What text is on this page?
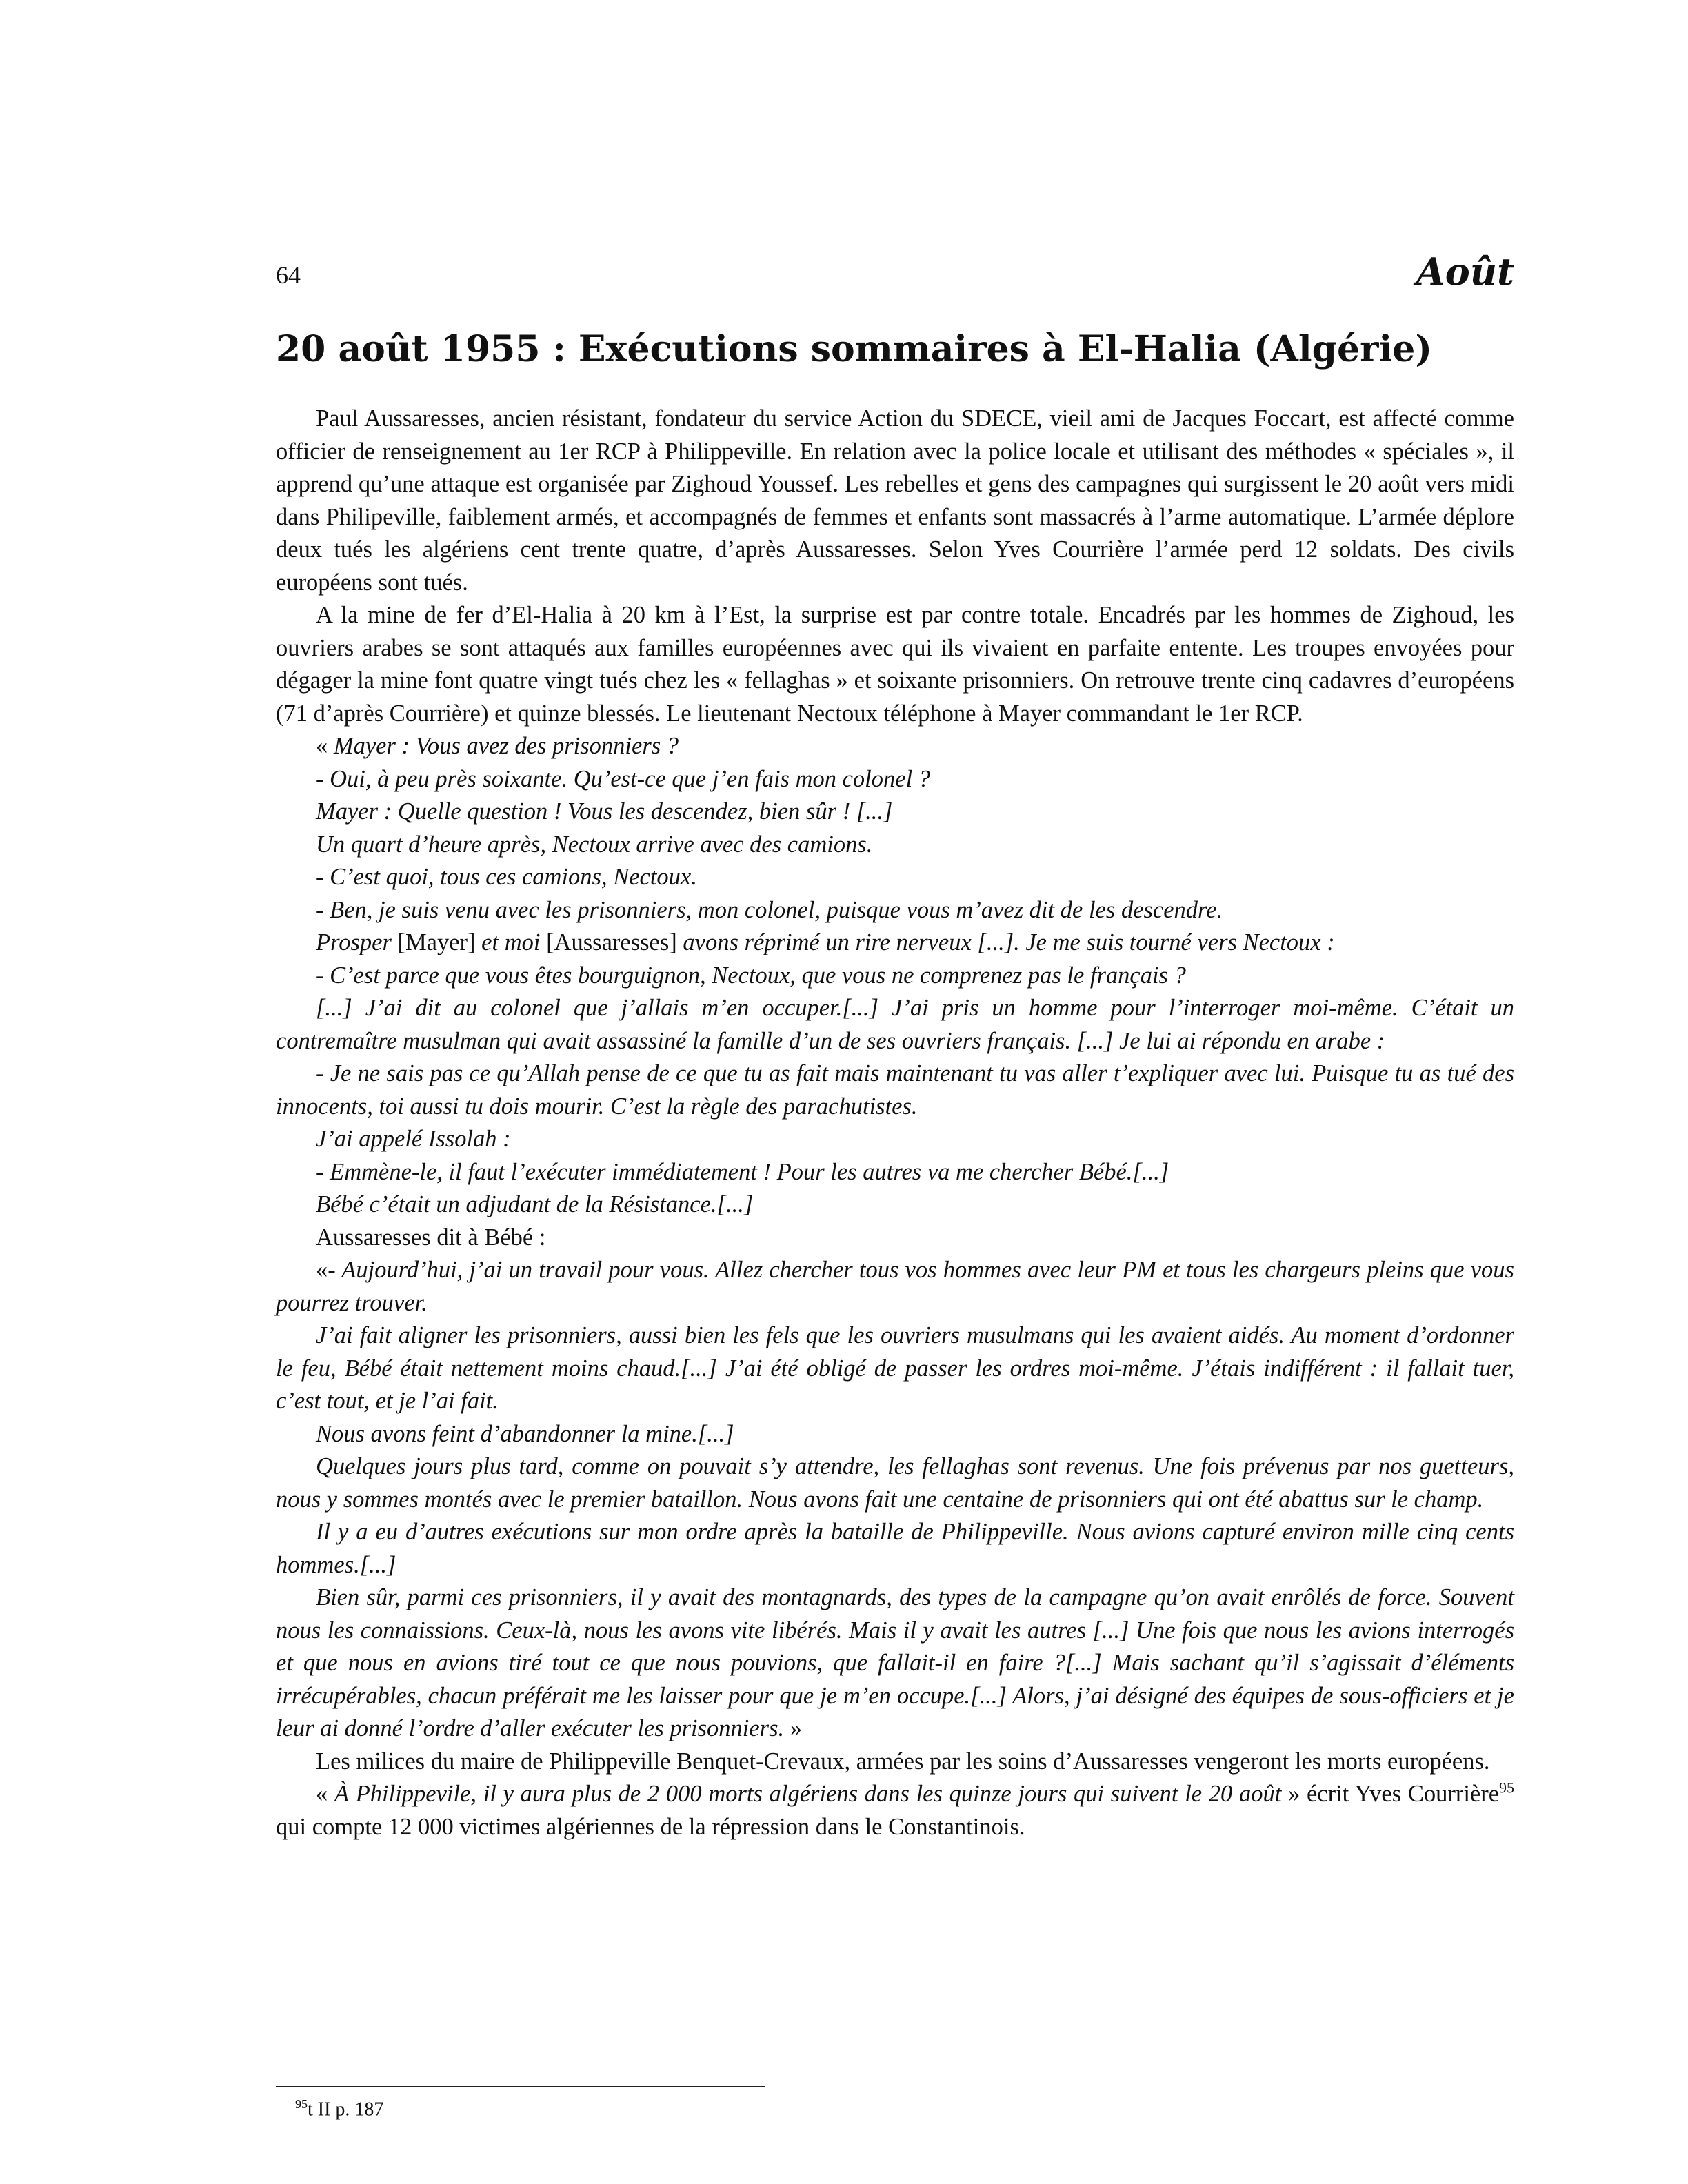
64	Août
20 août 1955 : Exécutions sommaires à El-Halia (Algérie)

Paul Aussaresses, ancien résistant, fondateur du service Action du SDECE, vieil ami de Jacques Foccart, est affecté comme officier de renseignement au 1er RCP à Philippeville. En relation avec la police locale et utilisant des méthodes « spéciales », il apprend qu’une attaque est organisée par Zighoud Youssef. Les rebelles et gens des campagnes qui surgissent le 20 août vers midi dans Philipeville, faiblement armés, et accompagnés de femmes et enfants sont massacrés à l’arme automatique. L’armée déplore deux tués les algériens cent trente quatre, d’après Aussaresses. Selon Yves Courrière l’armée perd 12 soldats. Des civils européens sont tués.

A la mine de fer d’El-Halia à 20 km à l’Est, la surprise est par contre totale. Encadrés par les hommes de Zighoud, les ouvriers arabes se sont attaqués aux familles européennes avec qui ils vivaient en parfaite entente. Les troupes envoyées pour dégager la mine font quatre vingt tués chez les « fellaghas » et soixante prisonniers. On retrouve trente cinq cadavres d’européens (71 d’après Courrière) et quinze blessés. Le lieutenant Nectoux téléphone à Mayer commandant le 1er RCP.

« Mayer : Vous avez des prisonniers ?

- Oui, à peu près soixante. Qu’est-ce que j’en fais mon colonel ?

Mayer : Quelle question ! Vous les descendez, bien sûr ! [...]

Un quart d’heure après, Nectoux arrive avec des camions.

- C’est quoi, tous ces camions, Nectoux.

- Ben, je suis venu avec les prisonniers, mon colonel, puisque vous m’avez dit de les descendre.

Prosper [Mayer] et moi [Aussaresses] avons réprimé un rire nerveux [...]. Je me suis tourné vers Nectoux :

- C’est parce que vous êtes bourguignon, Nectoux, que vous ne comprenez pas le français ?

[...] J’ai dit au colonel que j’allais m’en occuper.[...] J’ai pris un homme pour l’interroger moi-même. C’était un contremaître musulman qui avait assassiné la famille d’un de ses ouvriers français. [...] Je lui ai répondu en arabe :

- Je ne sais pas ce qu’Allah pense de ce que tu as fait mais maintenant tu vas aller t’expliquer avec lui. Puisque tu as tué des innocents, toi aussi tu dois mourir. C’est la règle des parachutistes.

J’ai appelé Issolah :

- Emmène-le, il faut l’exécuter immédiatement ! Pour les autres va me chercher Bébé.[...]

Bébé c’était un adjudant de la Résistance.[...]

Aussaresses dit à Bébé :

«- Aujourd’hui, j’ai un travail pour vous. Allez chercher tous vos hommes avec leur PM et tous les chargeurs pleins que vous pourrez trouver.

J’ai fait aligner les prisonniers, aussi bien les fels que les ouvriers musulmans qui les avaient aidés. Au moment d’ordonner le feu, Bébé était nettement moins chaud.[...] J’ai été obligé de passer les ordres moi-même. J’étais indifférent : il fallait tuer, c’est tout, et je l’ai fait.

Nous avons feint d’abandonner la mine.[...]

Quelques jours plus tard, comme on pouvait s’y attendre, les fellaghas sont revenus. Une fois prévenus par nos guetteurs, nous y sommes montés avec le premier bataillon. Nous avons fait une centaine de prisonniers qui ont été abattus sur le champ.

Il y a eu d’autres exécutions sur mon ordre après la bataille de Philippeville. Nous avions capturé environ mille cinq cents hommes.[...]

Bien sûr, parmi ces prisonniers, il y avait des montagnards, des types de la campagne qu’on avait enrôlés de force. Souvent nous les connaissions. Ceux-là, nous les avons vite libérés. Mais il y avait les autres [...] Une fois que nous les avions interrogés et que nous en avions tiré tout ce que nous pouvions, que fallait-il en faire ?[...] Mais sachant qu’il s’agissait d’éléments irrécupérables, chacun préférait me les laisser pour que je m’en occupe.[...] Alors, j’ai désigné des équipes de sous-officiers et je leur ai donné l’ordre d’aller exécuter les prisonniers. »

Les milices du maire de Philippeville Benquet-Crevaux, armées par les soins d’Aussaresses vengeront les morts européens.

« À Philippevile, il y aura plus de 2 000 morts algériens dans les quinze jours qui suivent le 20 août » écrit Yves Courrière$^{95}$ qui compte 12 000 victimes algériennes de la répression dans le Constantinois.

$^{95}$t II p. 187
